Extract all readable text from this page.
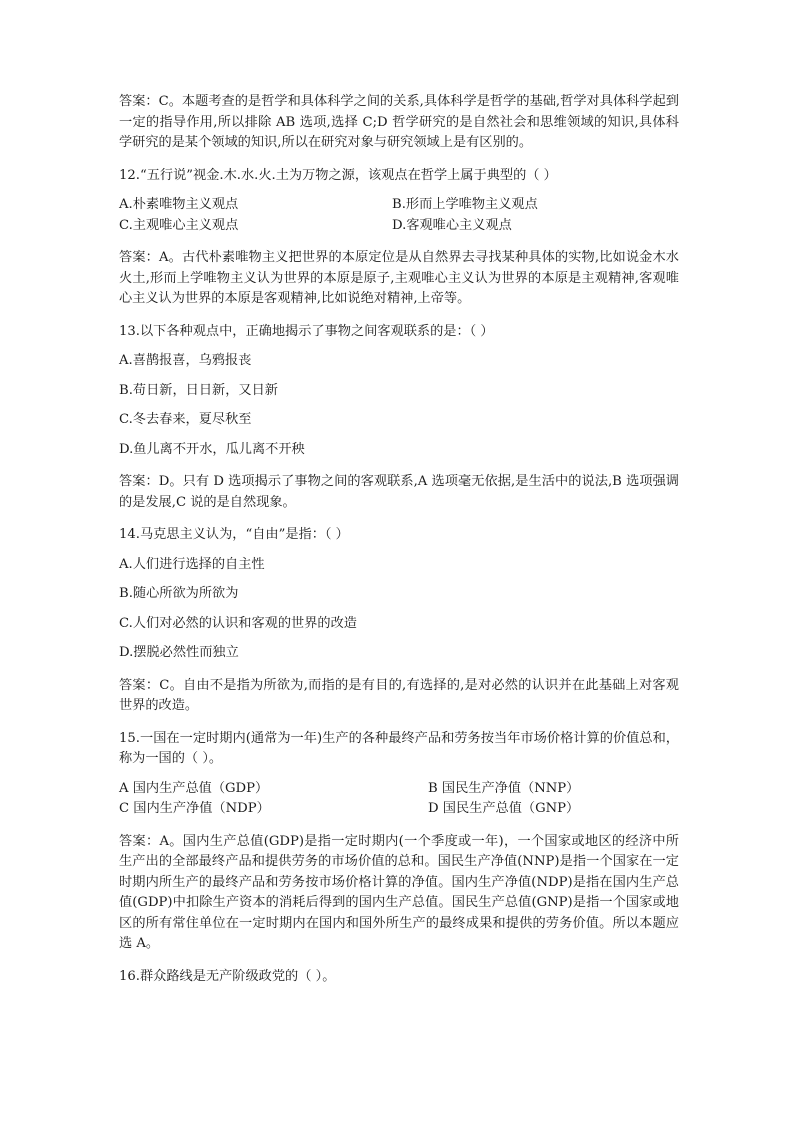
答案：C。本题考查的是哲学和具体科学之间的关系,具体科学是哲学的基础,哲学对具体科学起到一定的指导作用,所以排除 AB 选项,选择 C;D 哲学研究的是自然社会和思维领域的知识,具体科学研究的是某个领域的知识,所以在研究对象与研究领域上是有区别的。

12.“五行说”视金.木.水.火.土为万物之源，该观点在哲学上属于典型的（ ）

A.朴素唯物主义观点	B.形而上学唯物主义观点
C.主观唯心主义观点	D.客观唯心主义观点

答案：A。古代朴素唯物主义把世界的本原定位是从自然界去寻找某种具体的实物,比如说金木水火土,形而上学唯物主义认为世界的本原是原子,主观唯心主义认为世界的本原是主观精神,客观唯心主义认为世界的本原是客观精神,比如说绝对精神,上帝等。

13.以下各种观点中，正确地揭示了事物之间客观联系的是：（ ）

A.喜鹊报喜，乌鸦报丧

B.苟日新，日日新，又日新

C.冬去春来，夏尽秋至

D.鱼儿离不开水，瓜儿离不开秧

答案：D。只有 D 选项揭示了事物之间的客观联系,A 选项毫无依据,是生活中的说法,B 选项强调的是发展,C 说的是自然现象。

14.马克思主义认为，“自由”是指：（ ）

A.人们进行选择的自主性

B.随心所欲为所欲为

C.人们对必然的认识和客观的世界的改造

D.摆脱必然性而独立

答案：C。自由不是指为所欲为,而指的是有目的,有选择的,是对必然的认识并在此基础上对客观世界的改造。

15.一国在一定时期内(通常为一年)生产的各种最终产品和劳务按当年市场价格计算的价值总和，称为一国的（ ）。

A 国内生产总值（GDP）	B 国民生产净值（NNP）
C 国内生产净值（NDP）	D 国民生产总值（GNP）

答案：A。国内生产总值(GDP)是指一定时期内(一个季度或一年)，一个国家或地区的经济中所生产出的全部最终产品和提供劳务的市场价值的总和。国民生产净值(NNP)是指一个国家在一定时期内所生产的最终产品和劳务按市场价格计算的净值。国内生产净值(NDP)是指在国内生产总值(GDP)中扣除生产资本的消耗后得到的国内生产总值。国民生产总值(GNP)是指一个国家或地区的所有常住单位在一定时期内在国内和国外所生产的最终成果和提供的劳务价值。所以本题应选 A。

16.群众路线是无产阶级政党的（ ）。
